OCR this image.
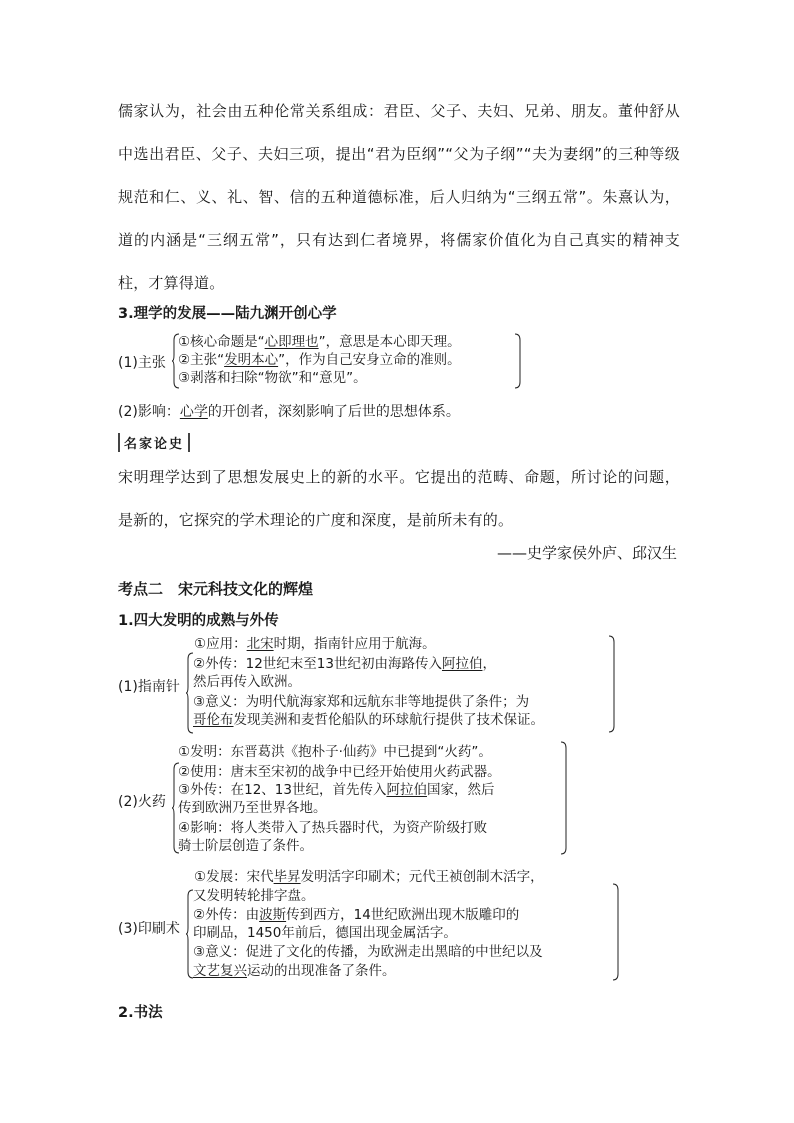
儒家认为，社会由五种伦常关系组成：君臣、父子、夫妇、兄弟、朋友。董仲舒从中选出君臣、父子、夫妇三项，提出“君为臣纲”“父为子纲”“夫为妻纲”的三种等级规范和仁、义、礼、智、信的五种道德标准，后人归纳为“三纲五常”。朱熹认为，道的内涵是“三纲五常”，只有达到仁者境界，将儒家价值化为自己真实的精神支柱，才算得道。

3.理学的发展——陆九渊开创心学
(1)主张
①核心命题是“心即理也”，意思是本心即天理。
②主张“发明本心”，作为自己安身立命的准则。
③剥落和扫除“物欲”和“意见”。
(2)影响：心学的开创者，深刻影响了后世的思想体系。
名家论史

宋明理学达到了思想发展史上的新的水平。它提出的范畴、命题，所讨论的问题，是新的，它探究的学术理论的广度和深度，是前所未有的。

——史学家侯外庐、邱汉生
考点二　宋元科技文化的辉煌
1.四大发明的成熟与外传
(1)指南针
①应用：北宋时期，指南针应用于航海。
②外传：12世纪末至13世纪初由海路传入阿拉伯，
然后再传入欧洲。
③意义：为明代航海家郑和远航东非等地提供了条件；为
哥伦布发现美洲和麦哲伦船队的环球航行提供了技术保证。
(2)火药
①发明：东晋葛洪《抱朴子·仙药》中已提到“火药”。
②使用：唐末至宋初的战争中已经开始使用火药武器。
③外传：在12、13世纪，首先传入阿拉伯国家，然后
传到欧洲乃至世界各地。
④影响：将人类带入了热兵器时代，为资产阶级打败
骑士阶层创造了条件。
(3)印刷术
①发展：宋代毕昇发明活字印刷术；元代王祯创制木活字，
又发明转轮排字盘。
②外传：由波斯传到西方，14世纪欧洲出现木版雕印的
印刷品，1450年前后，德国出现金属活字。
③意义：促进了文化的传播，为欧洲走出黑暗的中世纪以及
文艺复兴运动的出现准备了条件。
2.书法
